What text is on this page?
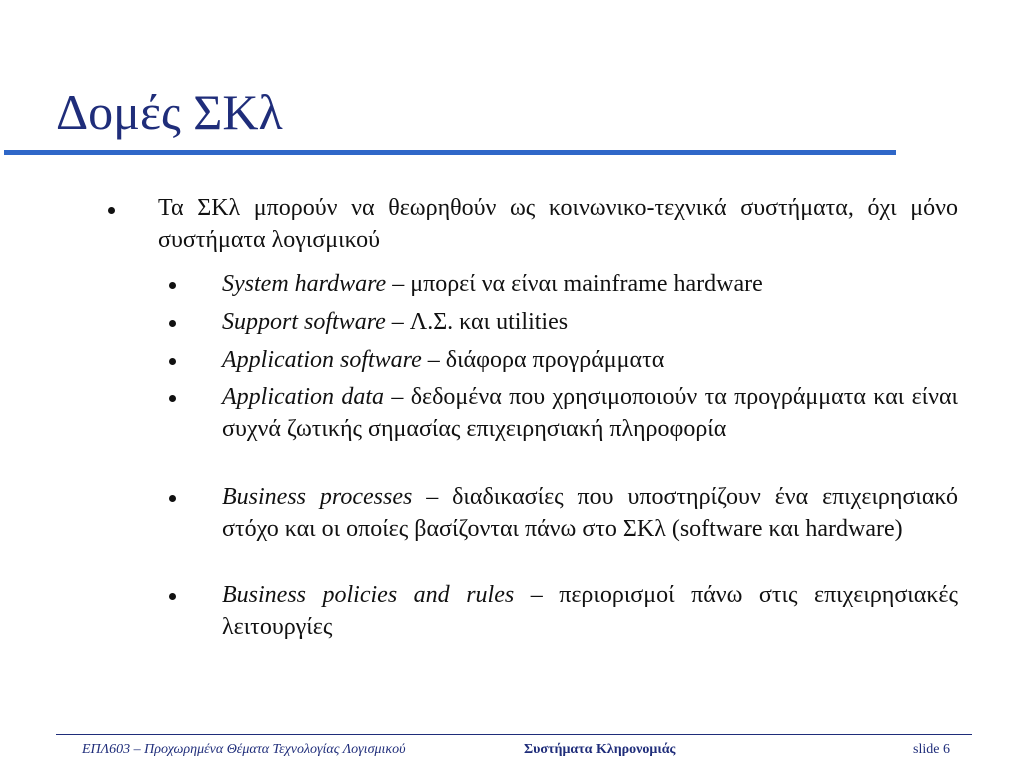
Δομές ΣΚλ
Τα ΣΚλ μπορούν να θεωρηθούν ως κοινωνικο-τεχνικά συστήματα, όχι μόνο συστήματα λογισμικού
System hardware – μπορεί να είναι mainframe hardware
Support software – Λ.Σ. και utilities
Application software – διάφορα προγράμματα
Application data – δεδομένα που χρησιμοποιούν τα προγράμματα και είναι συχνά ζωτικής σημασίας επιχειρησιακή πληροφορία
Business processes – διαδικασίες που υποστηρίζουν ένα επιχειρησιακό στόχο και οι οποίες βασίζονται πάνω στο ΣΚλ (software και hardware)
Business policies and rules – περιορισμοί πάνω στις επιχειρησιακές λειτουργίες
ΕΠΛ603 – Προχωρημένα Θέματα Τεχνολογίας Λογισμικού	Συστήματα Κληρονομιάς	slide 6
